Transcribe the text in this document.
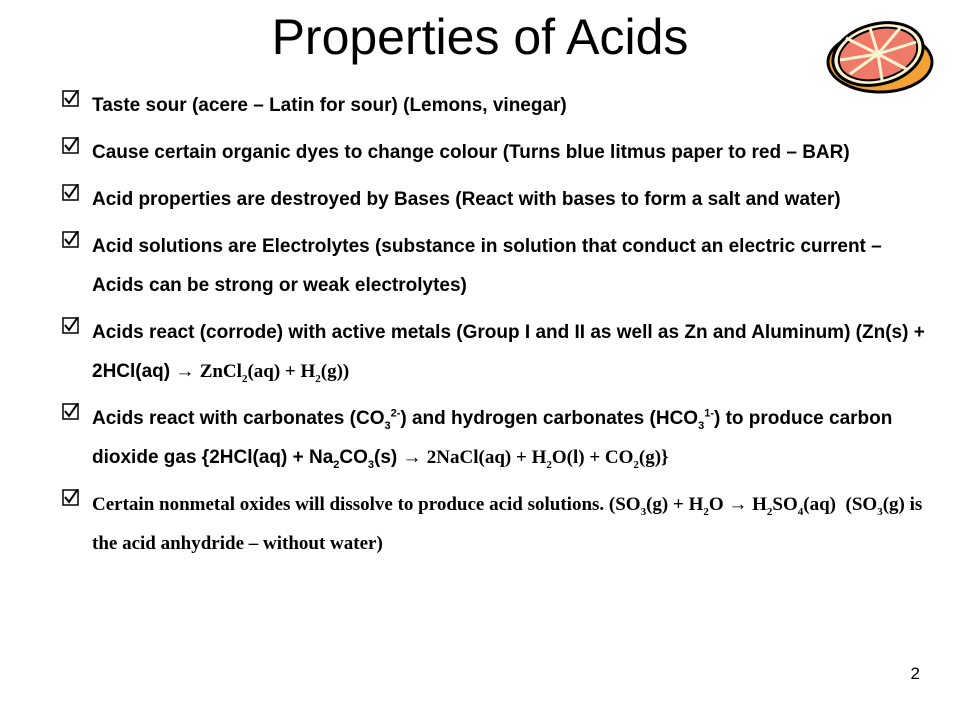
Properties of Acids
Taste sour (acere – Latin for sour) (Lemons, vinegar)
Cause certain organic dyes to change colour (Turns blue litmus paper to red – BAR)
Acid properties are destroyed by Bases (React with bases to form a salt and water)
Acid solutions are Electrolytes (substance in solution that conduct an electric current – Acids can be strong or weak electrolytes)
Acids react (corrode) with active metals (Group I and II as well as Zn and Aluminum) (Zn(s) + 2HCl(aq) → ZnCl$_2$(aq) + $H_2(g)$)
Acids react with carbonates $(CO_3^{2-})$ and hydrogen carbonates $(HCO_3^{1-})$ to produce carbon dioxide gas {$2HCl(aq) + Na_2CO_3(s)$ → 2NaCl(aq) + $H_2O(l) + CO_2(g)$}
Certain nonmetal oxides will dissolve to produce acid solutions. ($SO_3(g) + H_2O \to H_2SO_4(aq)$  ($SO_3(g)$ is the acid anhydride – without water)
2
